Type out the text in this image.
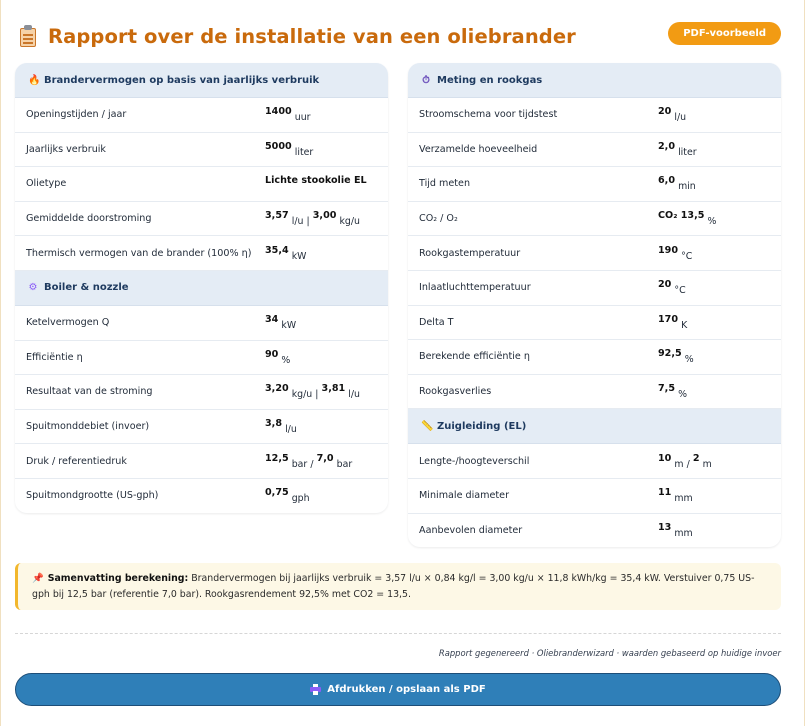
Rapport over de installatie van een oliebrander	PDF-voorbeeld
🔥 Brandervermogen op basis van jaarlijks verbruik
Openingstijden / jaar	1400 uur
Jaarlijks verbruik	5000 liter
Olietype	Lichte stookolie EL
Gemiddelde doorstroming	3,57 l/u | 3,00 kg/u
Thermisch vermogen van de brander (100% η)	35,4 kW
⚙ Boiler & nozzle
Ketelvermogen Q	34 kW
Efficiëntie η	90 %
Resultaat van de stroming	3,20 kg/u | 3,81 l/u
Spuitmonddebiet (invoer)	3,8 l/u
Druk / referentiedruk	12,5 bar / 7,0 bar
Spuitmondgrootte (US-gph)	0,75 gph
⏱ Meting en rookgas
Stroomschema voor tijdstest	20 l/u
Verzamelde hoeveelheid	2,0 liter
Tijd meten	6,0 min
CO₂ / O₂	CO₂ 13,5 %
Rookgastemperatuur	190 °C
Inlaatluchttemperatuur	20 °C
Delta T	170 K
Berekende efficiëntie η	92,5 %
Rookgasverlies	7,5 %
📏 Zuigleiding (EL)
Lengte-/hoogteverschil	10 m / 2 m
Minimale diameter	11 mm
Aanbevolen diameter	13 mm
📌 Samenvatting berekening: Brandervermogen bij jaarlijks verbruik = 3,57 l/u × 0,84 kg/l = 3,00 kg/u × 11,8 kWh/kg = 35,4 kW. Verstuiver 0,75 US-gph bij 12,5 bar (referentie 7,0 bar). Rookgasrendement 92,5% met CO2 = 13,5.
Rapport gegenereerd · Oliebranderwizard · waarden gebaseerd op huidige invoer
Afdrukken / opslaan als PDF
